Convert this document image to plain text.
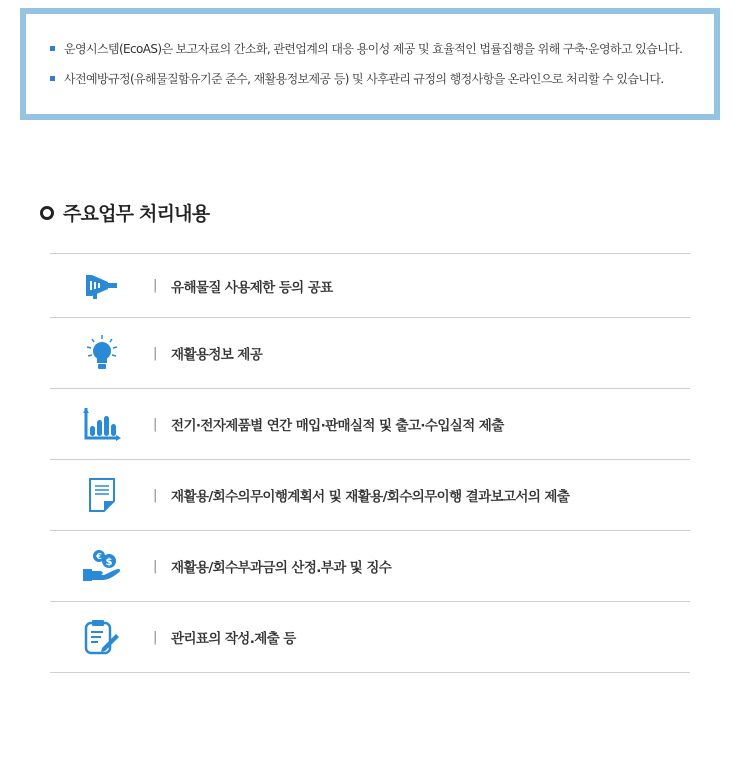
운영시스템(EcoAS)은 보고자료의 간소화, 관련업계의 대응 용이성 제공 및 효율적인 법률집행을 위해 구축·운영하고 있습니다.
사전예방규정(유해물질함유기준 준수, 재활용정보제공 등) 및 사후관리 규정의 행정사항을 온라인으로 처리할 수 있습니다.
주요업무 처리내용
| 유해물질 사용제한 등의 공표
| 재활용정보 제공
| 전기·전자제품별 연간 매입·판매실적 및 출고·수입실적 제출
| 재활용/회수의무이행계획서 및 재활용/회수의무이행 결과보고서의 제출
€
$	| 재활용/회수부과금의 산정.부과 및 징수
| 관리표의 작성.제출 등
